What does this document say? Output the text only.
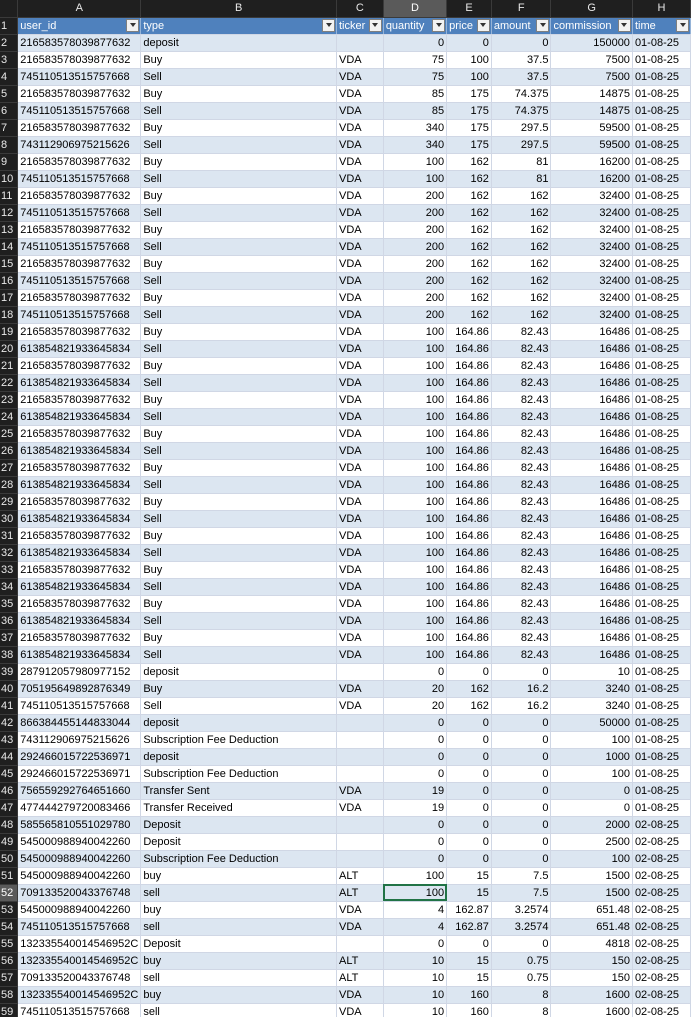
	A	B	C	D	E	F	G	H
1	user_id	type	ticker	quantity	price	amount	commission	time

2	216583578039877632	deposit		0	0	0	150000	01-08-25
3	216583578039877632	Buy	VDA	75	100	37.5	7500	01-08-25
4	745110513515757668	Sell	VDA	75	100	37.5	7500	01-08-25
5	216583578039877632	Buy	VDA	85	175	74.375	14875	01-08-25
6	745110513515757668	Sell	VDA	85	175	74.375	14875	01-08-25
7	216583578039877632	Buy	VDA	340	175	297.5	59500	01-08-25
8	743112906975215626	Sell	VDA	340	175	297.5	59500	01-08-25
9	216583578039877632	Buy	VDA	100	162	81	16200	01-08-25
10	745110513515757668	Sell	VDA	100	162	81	16200	01-08-25
11	216583578039877632	Buy	VDA	200	162	162	32400	01-08-25
12	745110513515757668	Sell	VDA	200	162	162	32400	01-08-25
13	216583578039877632	Buy	VDA	200	162	162	32400	01-08-25
14	745110513515757668	Sell	VDA	200	162	162	32400	01-08-25
15	216583578039877632	Buy	VDA	200	162	162	32400	01-08-25
16	745110513515757668	Sell	VDA	200	162	162	32400	01-08-25
17	216583578039877632	Buy	VDA	200	162	162	32400	01-08-25
18	745110513515757668	Sell	VDA	200	162	162	32400	01-08-25
19	216583578039877632	Buy	VDA	100	164.86	82.43	16486	01-08-25
20	613854821933645834	Sell	VDA	100	164.86	82.43	16486	01-08-25
21	216583578039877632	Buy	VDA	100	164.86	82.43	16486	01-08-25
22	613854821933645834	Sell	VDA	100	164.86	82.43	16486	01-08-25
23	216583578039877632	Buy	VDA	100	164.86	82.43	16486	01-08-25
24	613854821933645834	Sell	VDA	100	164.86	82.43	16486	01-08-25
25	216583578039877632	Buy	VDA	100	164.86	82.43	16486	01-08-25
26	613854821933645834	Sell	VDA	100	164.86	82.43	16486	01-08-25
27	216583578039877632	Buy	VDA	100	164.86	82.43	16486	01-08-25
28	613854821933645834	Sell	VDA	100	164.86	82.43	16486	01-08-25
29	216583578039877632	Buy	VDA	100	164.86	82.43	16486	01-08-25
30	613854821933645834	Sell	VDA	100	164.86	82.43	16486	01-08-25
31	216583578039877632	Buy	VDA	100	164.86	82.43	16486	01-08-25
32	613854821933645834	Sell	VDA	100	164.86	82.43	16486	01-08-25
33	216583578039877632	Buy	VDA	100	164.86	82.43	16486	01-08-25
34	613854821933645834	Sell	VDA	100	164.86	82.43	16486	01-08-25
35	216583578039877632	Buy	VDA	100	164.86	82.43	16486	01-08-25
36	613854821933645834	Sell	VDA	100	164.86	82.43	16486	01-08-25
37	216583578039877632	Buy	VDA	100	164.86	82.43	16486	01-08-25
38	613854821933645834	Sell	VDA	100	164.86	82.43	16486	01-08-25
39	287912057980977152	deposit		0	0	0	10	01-08-25
40	705195649892876349	Buy	VDA	20	162	16.2	3240	01-08-25
41	745110513515757668	Sell	VDA	20	162	16.2	3240	01-08-25
42	866384455144833044	deposit		0	0	0	50000	01-08-25
43	743112906975215626	Subscription Fee Deduction		0	0	0	100	01-08-25
44	292466015722536971	deposit		0	0	0	1000	01-08-25
45	292466015722536971	Subscription Fee Deduction		0	0	0	100	01-08-25
46	756559292764651660	Transfer Sent	VDA	19	0	0	0	01-08-25
47	477444279720083466	Transfer Received	VDA	19	0	0	0	01-08-25
48	585565810551029780	Deposit		0	0	0	2000	02-08-25
49	545000988940042260	Deposit		0	0	0	2500	02-08-25
50	545000988940042260	Subscription Fee Deduction		0	0	0	100	02-08-25
51	545000988940042260	buy	ALT	100	15	7.5	1500	02-08-25
52	709133520043376748	sell	ALT	100	15	7.5	1500	02-08-25
53	545000988940042260	buy	VDA	4	162.87	3.2574	651.48	02-08-25
54	745110513515757668	sell	VDA	4	162.87	3.2574	651.48	02-08-25
55	132335540014546952C	Deposit		0	0	0	4818	02-08-25
56	132335540014546952C	buy	ALT	10	15	0.75	150	02-08-25
57	709133520043376748	sell	ALT	10	15	0.75	150	02-08-25
58	132335540014546952C	buy	VDA	10	160	8	1600	02-08-25
59	745110513515757668	sell	VDA	10	160	8	1600	02-08-25
